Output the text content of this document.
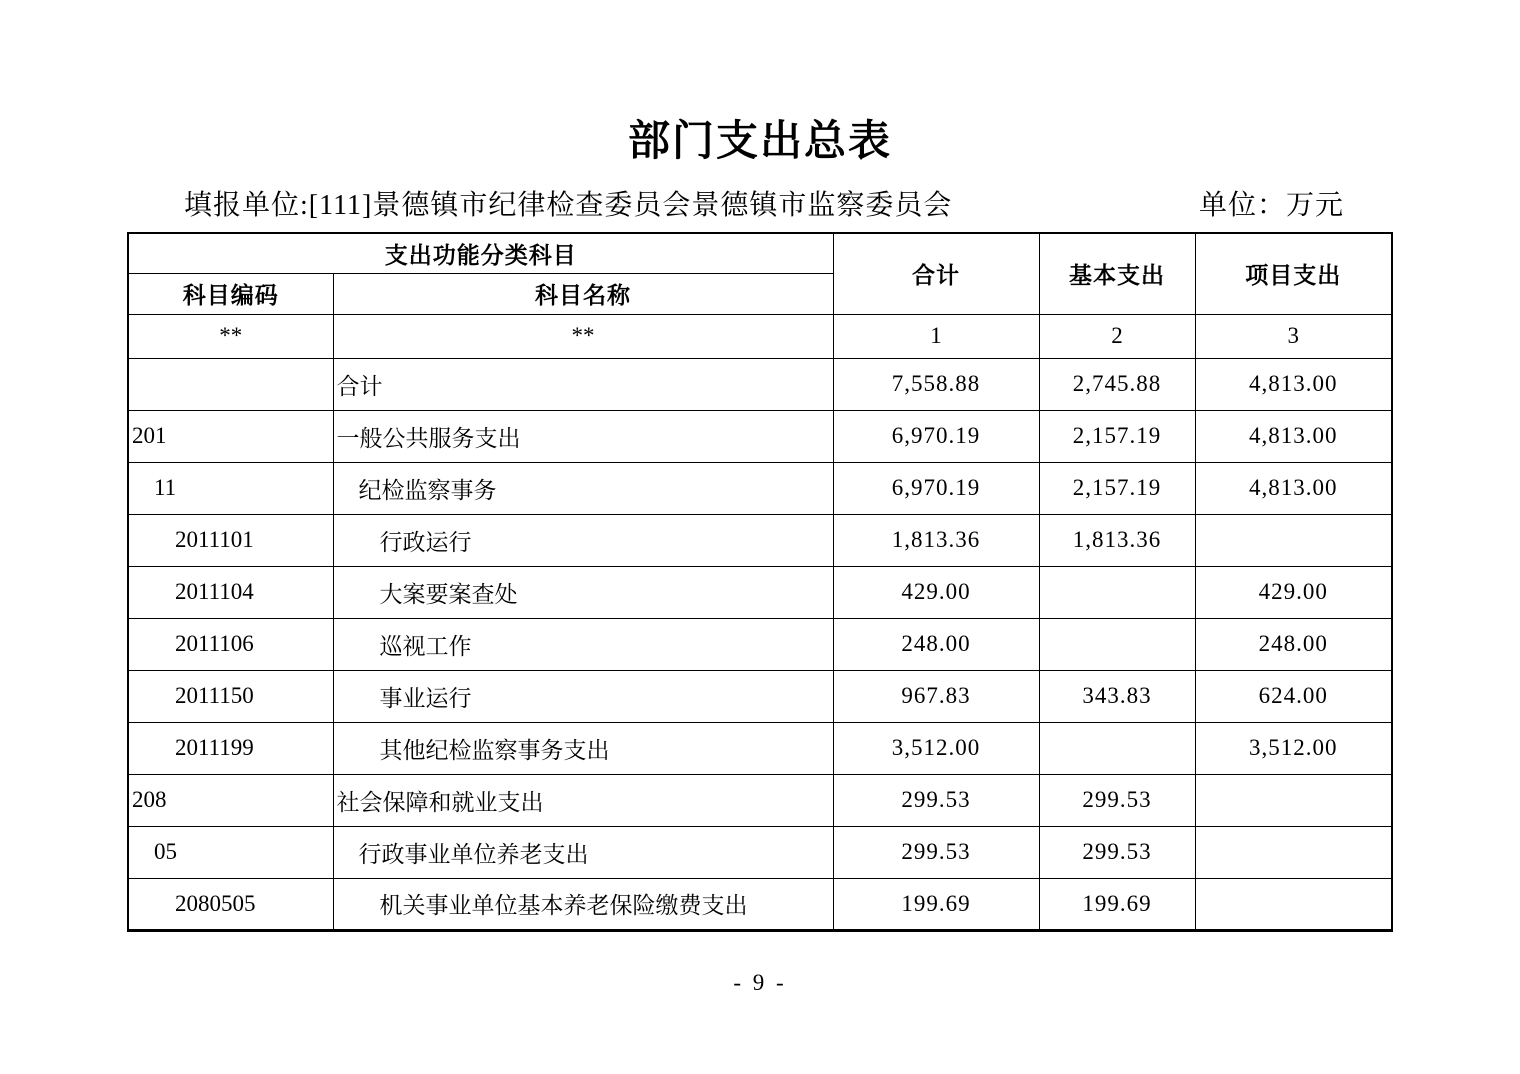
部门支出总表
填报单位:[111]景德镇市纪律检查委员会景德镇市监察委员会	单位：万元
支出功能分类科目		合计	基本支出	项目支出
科目编码	科目名称			
**	**	1	2	3
	合计	7,558.88	2,745.88	4,813.00
201	一般公共服务支出	6,970.19	2,157.19	4,813.00
11	纪检监察事务	6,970.19	2,157.19	4,813.00
2011101	行政运行	1,813.36	1,813.36	
2011104	大案要案查处	429.00		429.00
2011106	巡视工作	248.00		248.00
2011150	事业运行	967.83	343.83	624.00
2011199	其他纪检监察事务支出	3,512.00		3,512.00
208	社会保障和就业支出	299.53	299.53	
05	行政事业单位养老支出	299.53	299.53	
2080505	机关事业单位基本养老保险缴费支出	199.69	199.69	
- 9 -
